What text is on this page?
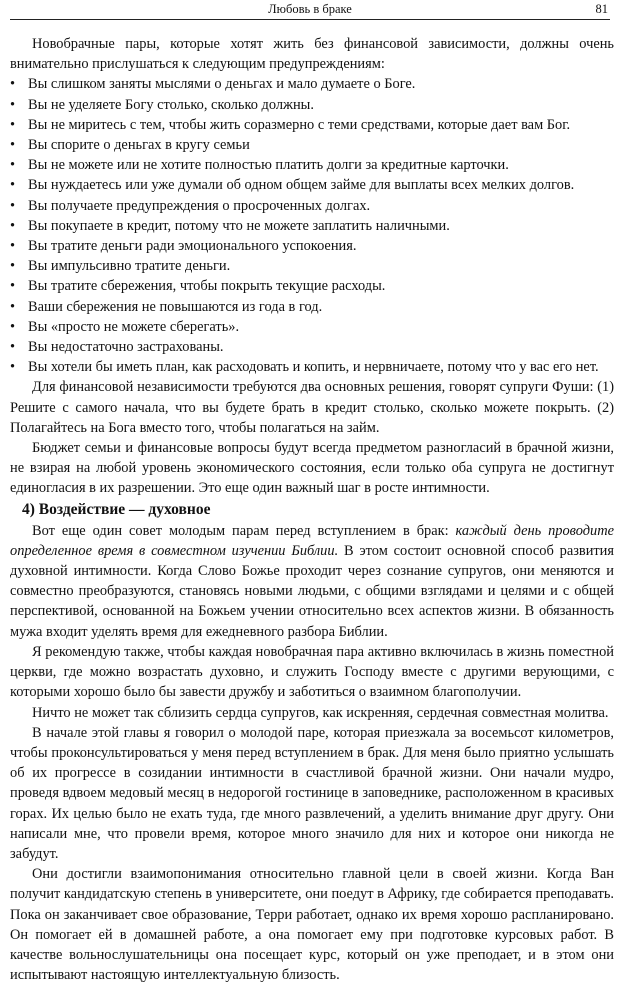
Любовь в браке	81

Новобрачные пары, которые хотят жить без финансовой зависимости, должны очень внимательно прислушаться к следующим предупреждениям:

• Вы слишком заняты мыслями о деньгах и мало думаете о Боге.
• Вы не уделяете Богу столько, сколько должны.
• Вы не миритесь с тем, чтобы жить соразмерно с теми средствами, которые дает вам Бог.
• Вы спорите о деньгах в кругу семьи
• Вы не можете или не хотите полностью платить долги за кредитные карточки.
• Вы нуждаетесь или уже думали об одном общем займе для выплаты всех мелких долгов.
• Вы получаете предупреждения о просроченных долгах.
• Вы покупаете в кредит, потому что не можете заплатить наличными.
• Вы тратите деньги ради эмоционального успокоения.
• Вы импульсивно тратите деньги.
• Вы тратите сбережения, чтобы покрыть текущие расходы.
• Ваши сбережения не повышаются из года в год.
• Вы «просто не можете сберегать».
• Вы недостаточно застрахованы.
• Вы хотели бы иметь план, как расходовать и копить, и нервничаете, потому что у вас его нет.

Для финансовой независимости требуются два основных решения, говорят супруги Фуши: (1) Решите с самого начала, что вы будете брать в кредит столько, сколько можете покрыть. (2) Полагайтесь на Бога вместо того, чтобы полагаться на займ.

Бюджет семьи и финансовые вопросы будут всегда предметом разногласий в брачной жизни, не взирая на любой уровень экономического состояния, если только оба супруга не достигнут единогласия в их разрешении. Это еще один важный шаг в росте интимности.

4) Воздействие — духовное

Вот еще один совет молодым парам перед вступлением в брак: каждый день проводите определенное время в совместном изучении Библии. В этом состоит основной способ развития духовной интимности. Когда Слово Божье проходит через сознание супругов, они меняются и совместно преобразуются, становясь новыми людьми, с общими взглядами и целями и с общей перспективой, основанной на Божьем учении относительно всех аспектов жизни. В обязанность мужа входит уделять время для ежедневного разбора Библии.

Я рекомендую также, чтобы каждая новобрачная пара активно включилась в жизнь поместной церкви, где можно возрастать духовно, и служить Господу вместе с другими верующими, с которыми хорошо было бы завести дружбу и заботиться о взаимном благополучии.

Ничто не может так сблизить сердца супругов, как искренняя, сердечная совместная молитва.

В начале этой главы я говорил о молодой паре, которая приезжала за восемьсот километров, чтобы проконсультироваться у меня перед вступлением в брак. Для меня было приятно услышать об их прогрессе в созидании интимности в счастливой брачной жизни. Они начали мудро, проведя вдвоем медовый месяц в недорогой гостинице в заповеднике, расположенном в красивых горах. Их целью было не ехать туда, где много развлечений, а уделить внимание друг другу. Они написали мне, что провели время, которое много значило для них и которое они никогда не забудут.

Они достигли взаимопонимания относительно главной цели в своей жизни. Когда Ван получит кандидатскую степень в университете, они поедут в Африку, где собирается преподавать. Пока он заканчивает свое образование, Терри работает, однако их время хорошо распланировано. Он помогает ей в домашней работе, а она помогает ему при подготовке курсовых работ. В качестве вольнослушательницы она посещает курс, который он уже преподает, и в этом они испытывают настоящую интеллектуальную близость.
